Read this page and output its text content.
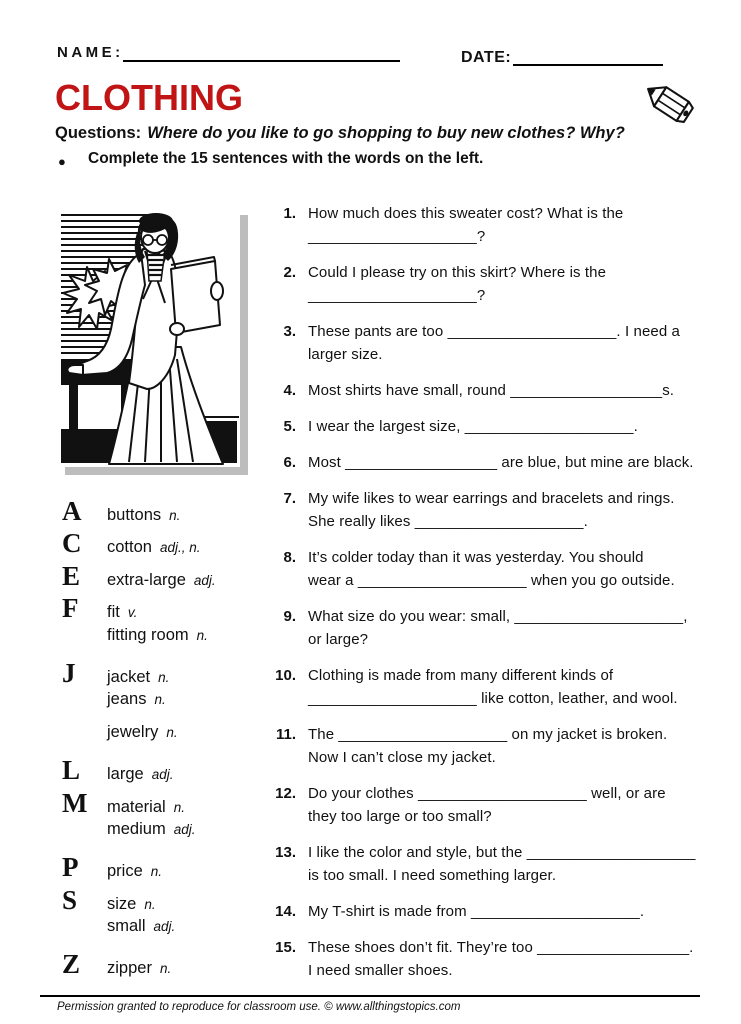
NAME:	DATE:
CLOTHING
Questions: Where do you like to go shopping to buy new clothes? Why?
● Complete the 15 sentences with the words on the left.
A	buttons n.
C	cotton adj., n.
E	extra-large adj.
F	fit v.
fitting room n.
J	jacket n.
jeans n.
jewelry n.
L	large adj.
M	material n.
medium adj.
P	price n.
S	size n.
small adj.
Z	zipper n.
1. How much does this sweater cost? What is the
____________________?
2. Could I please try on this skirt? Where is the
____________________?
3. These pants are too ____________________. I need a
larger size.
4. Most shirts have small, round __________________s.
5. I wear the largest size, ____________________.
6. Most __________________ are blue, but mine are black.
7. My wife likes to wear earrings and bracelets and rings.
She really likes ____________________.
8. It’s colder today than it was yesterday. You should
wear a ____________________ when you go outside.
9. What size do you wear: small, ____________________,
or large?
10. Clothing is made from many different kinds of
____________________ like cotton, leather, and wool.
11. The ____________________ on my jacket is broken.
Now I can’t close my jacket.
12. Do your clothes ____________________ well, or are
they too large or too small?
13. I like the color and style, but the ____________________
is too small. I need something larger.
14. My T-shirt is made from ____________________.
15. These shoes don’t fit. They’re too __________________.
I need smaller shoes.
Permission granted to reproduce for classroom use. © www.allthingstopics.com
